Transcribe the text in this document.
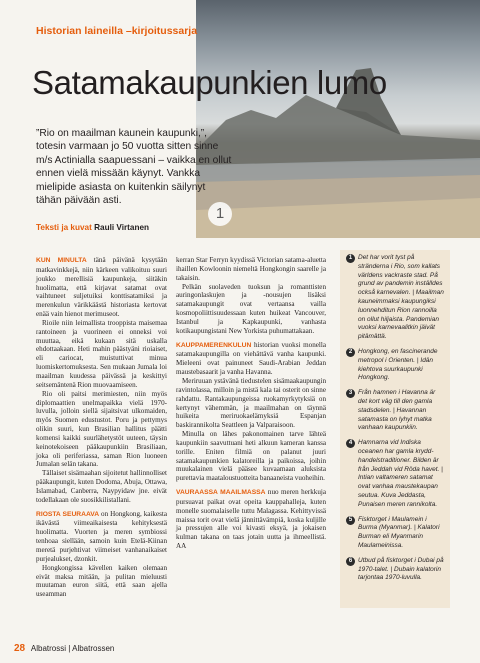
1
Historian laineilla –kirjoitussarja
Satamakaupunkien lumo

”Rio on maailman kaunein kaupunki,”, totesin varmaan jo 50 vuotta sitten sinne m/s Actinialla saapuessani – vaikka en ollut ennen vielä missään käynyt. Vankka mielipide asiasta on kuitenkin säilynyt tähän päivään asti.

Teksti ja kuvat Rauli Virtanen

KUN MINULTA tänä päivänä kysytään matkavinkkejä, niin kärkeen valikoituu suuri joukko merellisiä kaupunkeja, siitäkin huolimatta, että kirjavat satamat ovat vaihtuneet suljetuiksi konttisatamiksi ja merenkulun värikkäästä historiasta kertovat enää vain hienot merimuseot.

Rioile niin leimallista trooppista maisemaa rantoineen ja vuorineen ei onneksi voi muuttaa, eikä kukaan sitä uskalla ehdottaakaan. Heti mahin päästyäni rioiaiset, eli cariocat, muistuttivat minua luomiskertomuksesta. Sen mukaan Jumala loi maailman kuudessa päivässä ja keskittyi seitsemäntenä Rion muovaamiseen.

Rio oli paitsi merimiesten, niin myös diplomaattien unelmapaikka vielä 1970-luvulla, jolloin siellä sijaitsivat ulkomaiden, myös Suomen edustustot. Poru ja pettymys olikin suuri, kun Brasilian hallitus päätti komensi kaikki suurlähetystöt uuteen, täysin keinotekoiseen pääkaupunkiin Brasiliaan, joka oli periferiassa, saman Rion luoneen Jumalan selän takana.

Tällaiset sisämaahan sijoitetut hallinnolliset pääkaupungit, kuten Dodoma, Abuja, Ottawa, Islamabad, Canberra, Naypyidaw jne. eivät todellakaan ole suosikkilistallani.

RIOSTA SEURAAVA on Hongkong, kaikesta ikävästä viimeaikaisesta kehityksestä huolimatta. Vuorten ja meren symbiossi tenhoaa siellään, samoin kuin Etelä-Kiinan meretä purjehtivat viimeiset vanhanaikaiset purjealukset, dzonkit.

Hongkongissa kävellen kaiken olemaan eivät maksa mitään, ja pulitan mieluusti muutaman euron siitä, että saan ajella useamman

kerran Star Ferryn kyydissä Victorian satama-aluetta ihaillen Kowloonin niemeltä Hongkongin saarelle ja takaisin.

Pelkän suolaveden tuoksun ja romanttisten auringonlaskujen ja -nousujen lisäksi satamakaupungit ovat vertaansa vailla kosmopoliittisuudessaan kuten huikeat Vancouver, Istanbul ja Kapkaupunki, vanhasta kotikaupungistani New Yorkista puhumattakaan.

KAUPPAMERENKULUN historian vuoksi monella satamakaupungilla on viehättävä vanha kaupunki. Mieleeni ovat painuneet Saudi-Arabian Jeddan maustebasaarit ja vanha Havanna.

Meriruuan ystävänä tiedustelen sisämaakaupungin ravintolassa, milloin ja mistä kala tai osterit on sinne rahdattu. Rantakaupungeissa ruokamyrkytyksiä on kertynyt vähemmän, ja maailmahan on täynnä huikeita meriruokaelämyksiä Espanjan baskirannikolta Seattleen ja Valparaisoon.

Minulla on lähes pakonomainen tarve lähteä kaupunkiin saavuttuani heti alkuun kameran kanssa torille. Eniten filmiä on palanut juuri satamakaupunkien kalatoreilla ja paikoissa, joihin muukalainen vielä pääsee kuvaamaan aluksista purettavia maataloustuotteita banaaneista vuoheihin.

VAURAASSA MAAILMASSA nuo meren herkkuja pursuavat paikat ovat opeita kauppahalleja, kuten monelle suomalaiselle tuttu Malagassa. Kehittyvissä maissa torit ovat vielä jännittävämpiä, koska kuljille ja pressujen alle voi kivasti eksyä, ja jokaisen kulman takana on taas jotain uutta ja ihmeellistä. AA

1 Det har vorit tyst på stränderna i Rio, som kallats världens vackraste stad. På grund av pandemin inställdes också karnevalen. | Maailman kauneimmaksi kaupungiksi luonnehditun Rion rannoilla on ollut hiljaista. Pandemian vuoksi karnevaalitkin jäivät pitämättä.

2 Hongkong, en fascinerande metropol i Orienten. | Idän kiehtova suurkaupunki Hongkong.

3 Från hamnen i Havanna är det kort väg till den gamla stadsdelen. | Havannan satamasta on lyhyt matka vanhaan kaupunkiin.

4 Hamnarna vid Indiska oceanen har gamla kryddhandelstraditioner. Bilden är från Jeddah vid Röda havet. | Intian valtameren satamat ovat vanhaa maustekaupan seutua. Kuva Jeddasta, Punaisen meren rannikolta.

5 Fisktorget i Maulamein i Burma (Myanmar). | Kalatori Burman eli Myanmarin Maulameinissa.

6 Utbud på fisktorget i Dubai på 1970-talet. | Dubain kalatorin tarjontaa 1970-luvulla.

28 Albatrossi | Albatrossen
